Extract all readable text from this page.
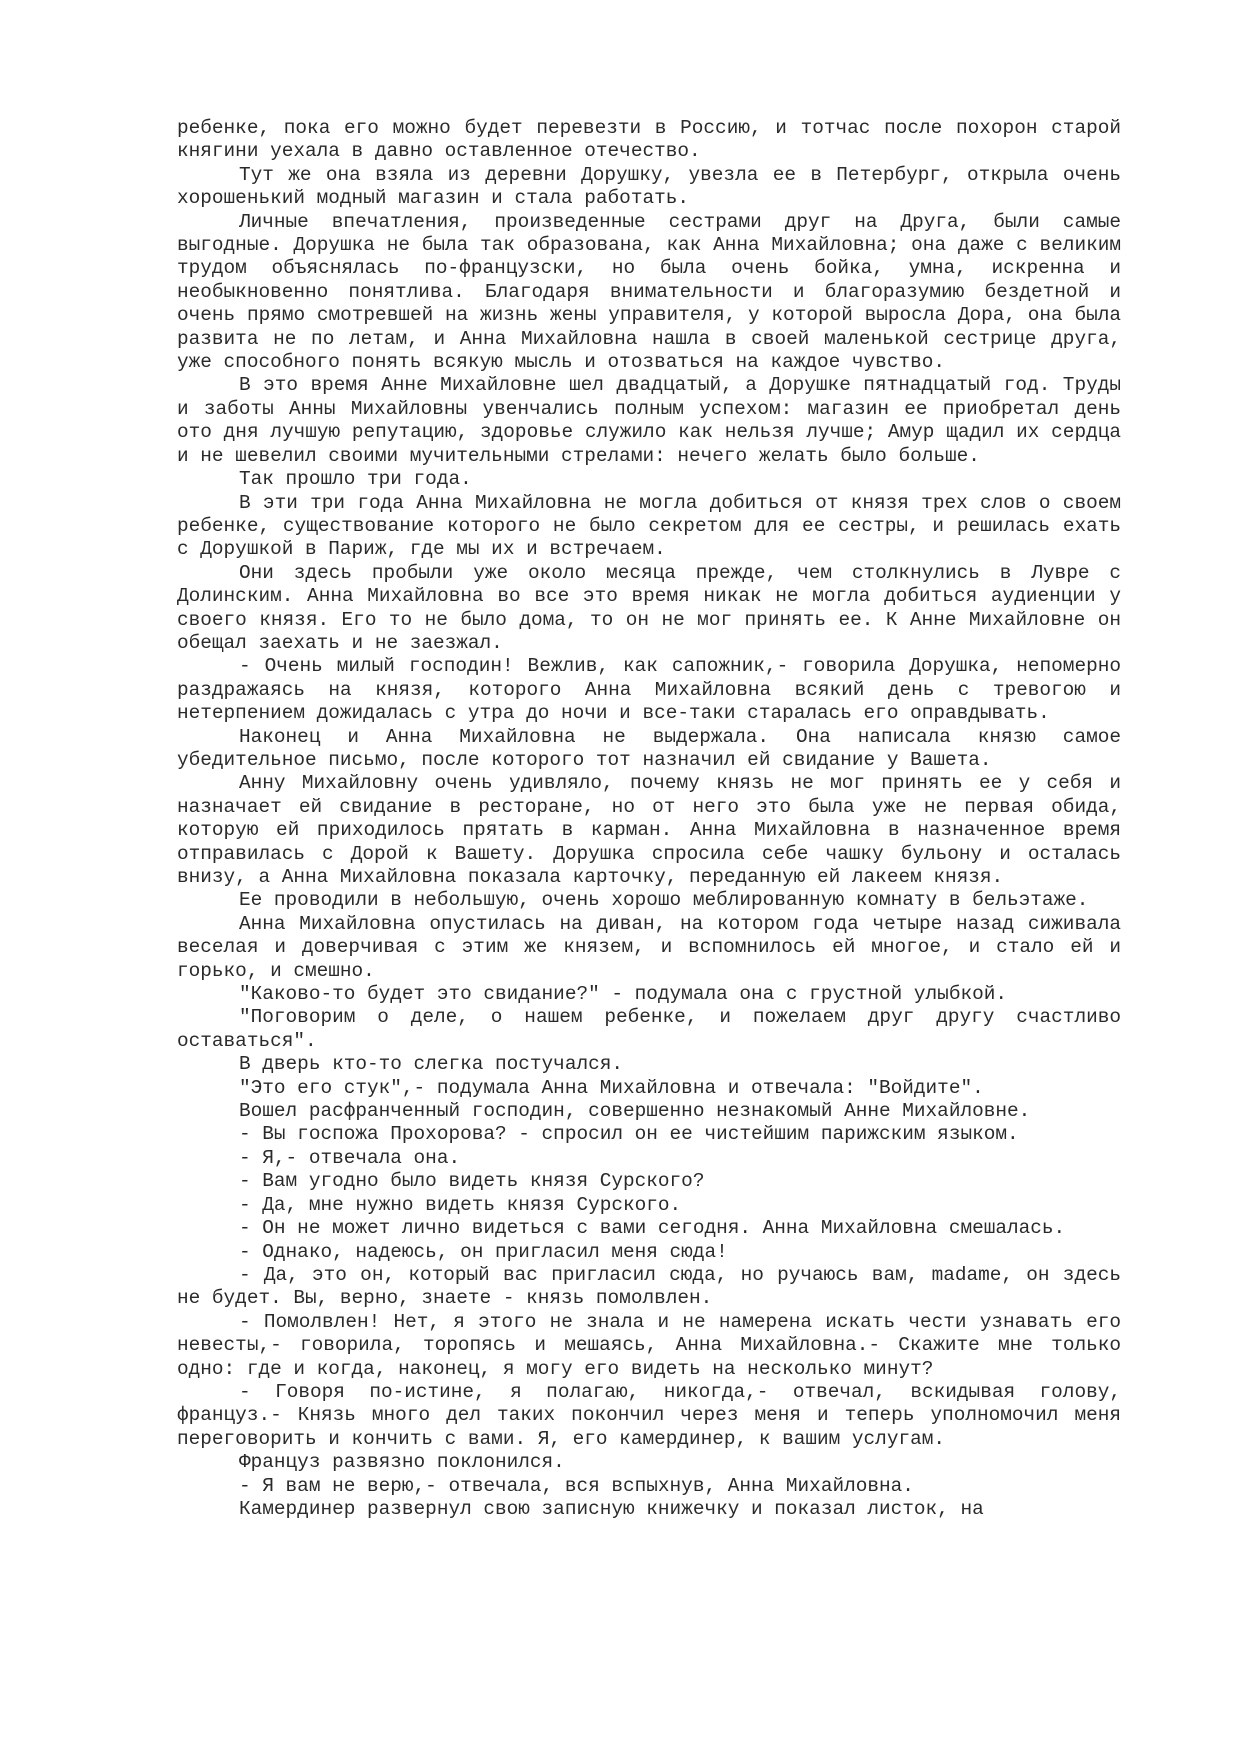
ребенке, пока его можно будет перевезти в Россию, и тотчас после похорон старой княгини уехала в давно оставленное отечество.

Тут же она взяла из деревни Дорушку, увезла ее в Петербург, открыла очень хорошенький модный магазин и стала работать.

Личные впечатления, произведенные сестрами друг на Друга, были самые выгодные. Дорушка не была так образована, как Анна Михайловна; она даже с великим трудом объяснялась по-французски, но была очень бойка, умна, искренна и необыкновенно понятлива. Благодаря внимательности и благоразумию бездетной и очень прямо смотревшей на жизнь жены управителя, у которой выросла Дора, она была развита не по летам, и Анна Михайловна нашла в своей маленькой сестрице друга, уже способного понять всякую мысль и отозваться на каждое чувство.

В это время Анне Михайловне шел двадцатый, а Дорушке пятнадцатый год. Труды и заботы Анны Михайловны увенчались полным успехом: магазин ее приобретал день ото дня лучшую репутацию, здоровье служило как нельзя лучше; Амур щадил их сердца и не шевелил своими мучительными стрелами: нечего желать было больше.

Так прошло три года.

В эти три года Анна Михайловна не могла добиться от князя трех слов о своем ребенке, существование которого не было секретом для ее сестры, и решилась ехать с Дорушкой в Париж, где мы их и встречаем.

Они здесь пробыли уже около месяца прежде, чем столкнулись в Лувре с Долинским. Анна Михайловна во все это время никак не могла добиться аудиенции у своего князя. Его то не было дома, то он не мог принять ее. К Анне Михайловне он обещал заехать и не заезжал.

- Очень милый господин! Вежлив, как сапожник,- говорила Дорушка, непомерно раздражаясь на князя, которого Анна Михайловна всякий день с тревогою и нетерпением дожидалась с утра до ночи и все-таки старалась его оправдывать.

Наконец и Анна Михайловна не выдержала. Она написала князю самое убедительное письмо, после которого тот назначил ей свидание у Вашета.

Анну Михайловну очень удивляло, почему князь не мог принять ее у себя и назначает ей свидание в ресторане, но от него это была уже не первая обида, которую ей приходилось прятать в карман. Анна Михайловна в назначенное время отправилась с Дорой к Вашету. Дорушка спросила себе чашку бульону и осталась внизу, а Анна Михайловна показала карточку, переданную ей лакеем князя.

Ее проводили в небольшую, очень хорошо меблированную комнату в бельэтаже.

Анна Михайловна опустилась на диван, на котором года четыре назад сиживала веселая и доверчивая с этим же князем, и вспомнилось ей многое, и стало ей и горько, и смешно.

"Каково-то будет это свидание?" - подумала она с грустной улыбкой.

"Поговорим о деле, о нашем ребенке, и пожелаем друг другу счастливо оставаться".

В дверь кто-то слегка постучался.

"Это его стук",- подумала Анна Михайловна и отвечала: "Войдите".

Вошел расфранченный господин, совершенно незнакомый Анне Михайловне.

- Вы госпожа Прохорова? - спросил он ее чистейшим парижским языком.

- Я,- отвечала она.

- Вам угодно было видеть князя Сурского?

- Да, мне нужно видеть князя Сурского.

- Он не может лично видеться с вами сегодня. Анна Михайловна смешалась.

- Однако, надеюсь, он пригласил меня сюда!

- Да, это он, который вас пригласил сюда, но ручаюсь вам, madame, он здесь не будет. Вы, верно, знаете - князь помолвлен.

- Помолвлен! Нет, я этого не знала и не намерена искать чести узнавать его невесты,- говорила, торопясь и мешаясь, Анна Михайловна.- Скажите мне только одно: где и когда, наконец, я могу его видеть на несколько минут?

- Говоря по-истине, я полагаю, никогда,- отвечал, вскидывая голову, француз.- Князь много дел таких покончил через меня и теперь уполномочил меня переговорить и кончить с вами. Я, его камердинер, к вашим услугам.

Француз развязно поклонился.

- Я вам не верю,- отвечала, вся вспыхнув, Анна Михайловна.

Камердинер развернул свою записную книжечку и показал листок, на
